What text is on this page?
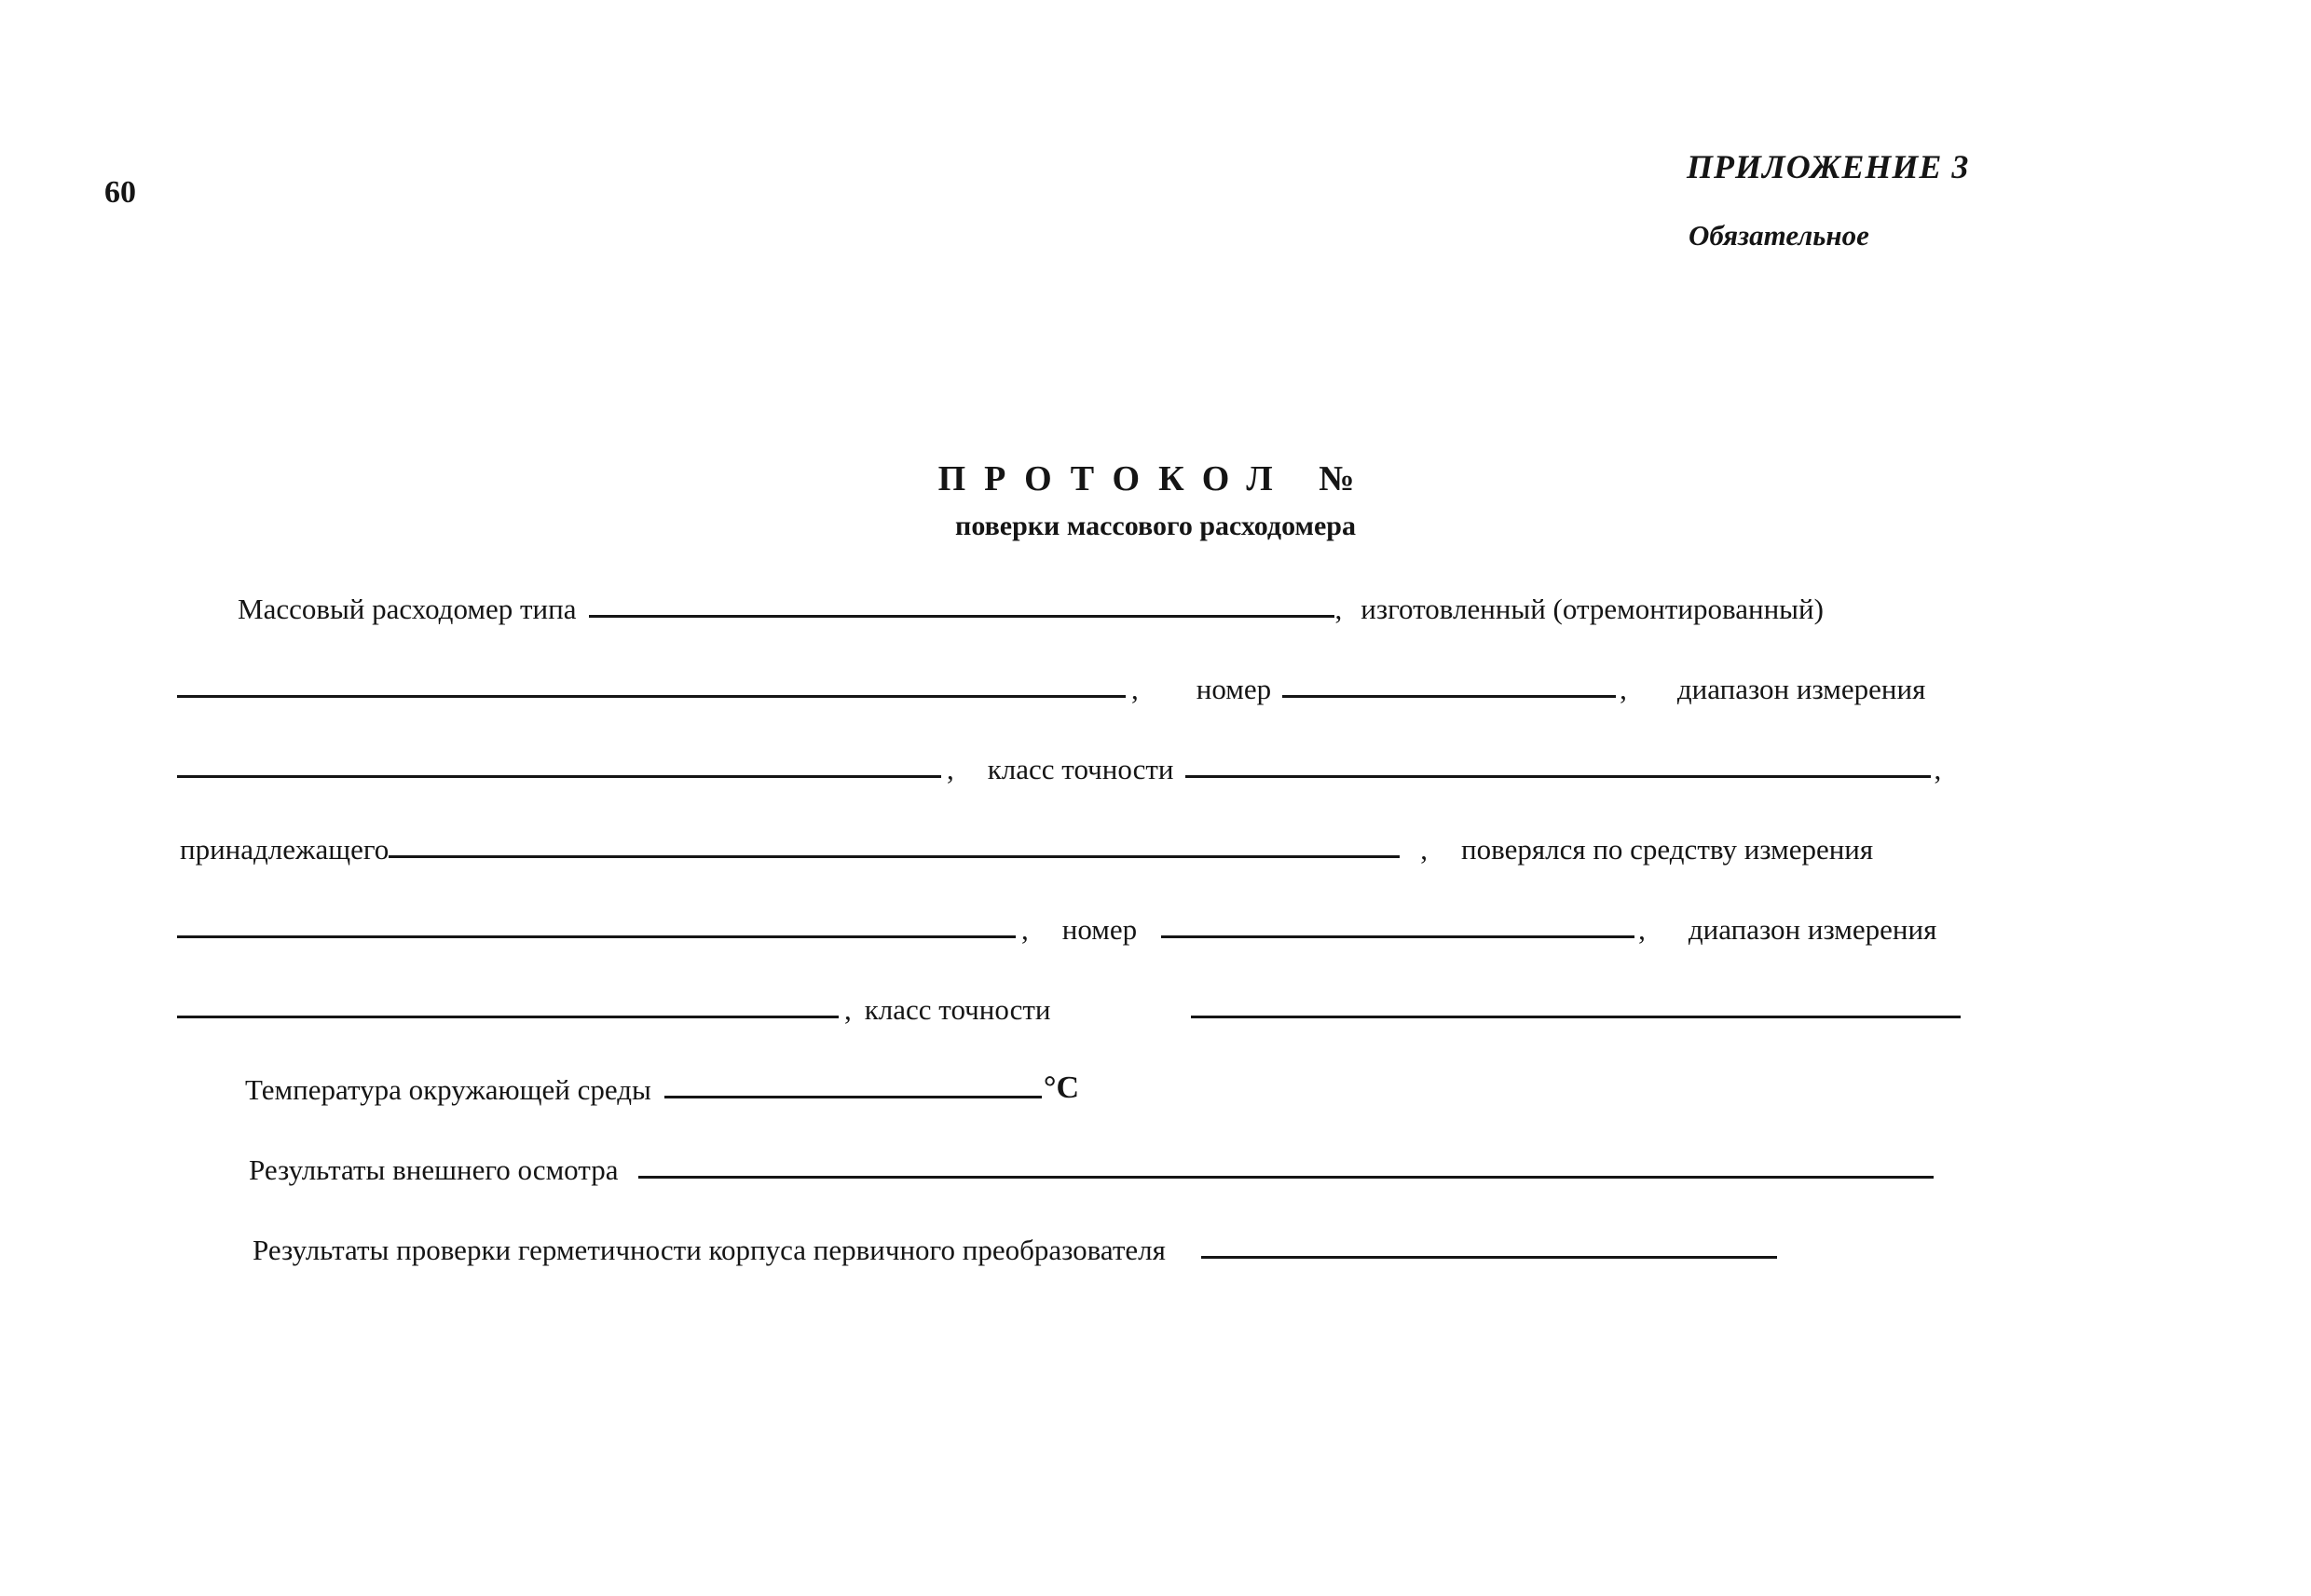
60
ПРИЛОЖЕНИЕ 3
Обязательное
ПРОТОКОЛ №
поверки массового расходомера
Массовый расходомер типа	, изготовленный (отремонтированный)
, номер	, диапазон измерения
, класс точности	,
принадлежащего	, поверялся по средству измерения
, номер	, диапазон измерения
, класс точности
Температура окружающей среды	°С
Результаты внешнего осмотра
Результаты проверки герметичности корпуса первичного преобразователя
